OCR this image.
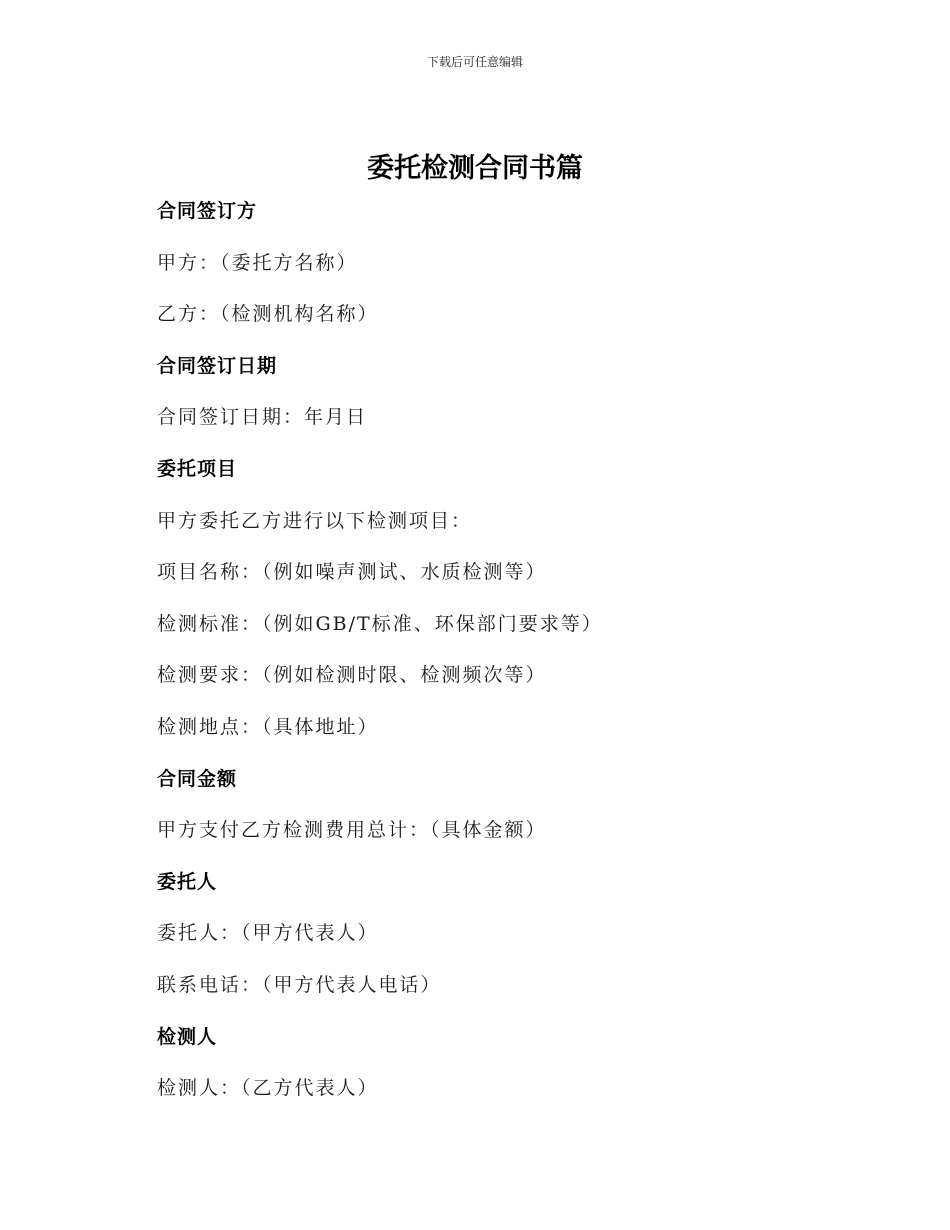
下载后可任意编辑
委托检测合同书篇
合同签订方
甲方：（委托方名称）
乙方：（检测机构名称）
合同签订日期
合同签订日期：年月日
委托项目
甲方委托乙方进行以下检测项目：
项目名称：（例如噪声测试、水质检测等）
检测标准：（例如GB/T标准、环保部门要求等）
检测要求：（例如检测时限、检测频次等）
检测地点：（具体地址）
合同金额
甲方支付乙方检测费用总计：（具体金额）
委托人
委托人：（甲方代表人）
联系电话：（甲方代表人电话）
检测人
检测人：（乙方代表人）
